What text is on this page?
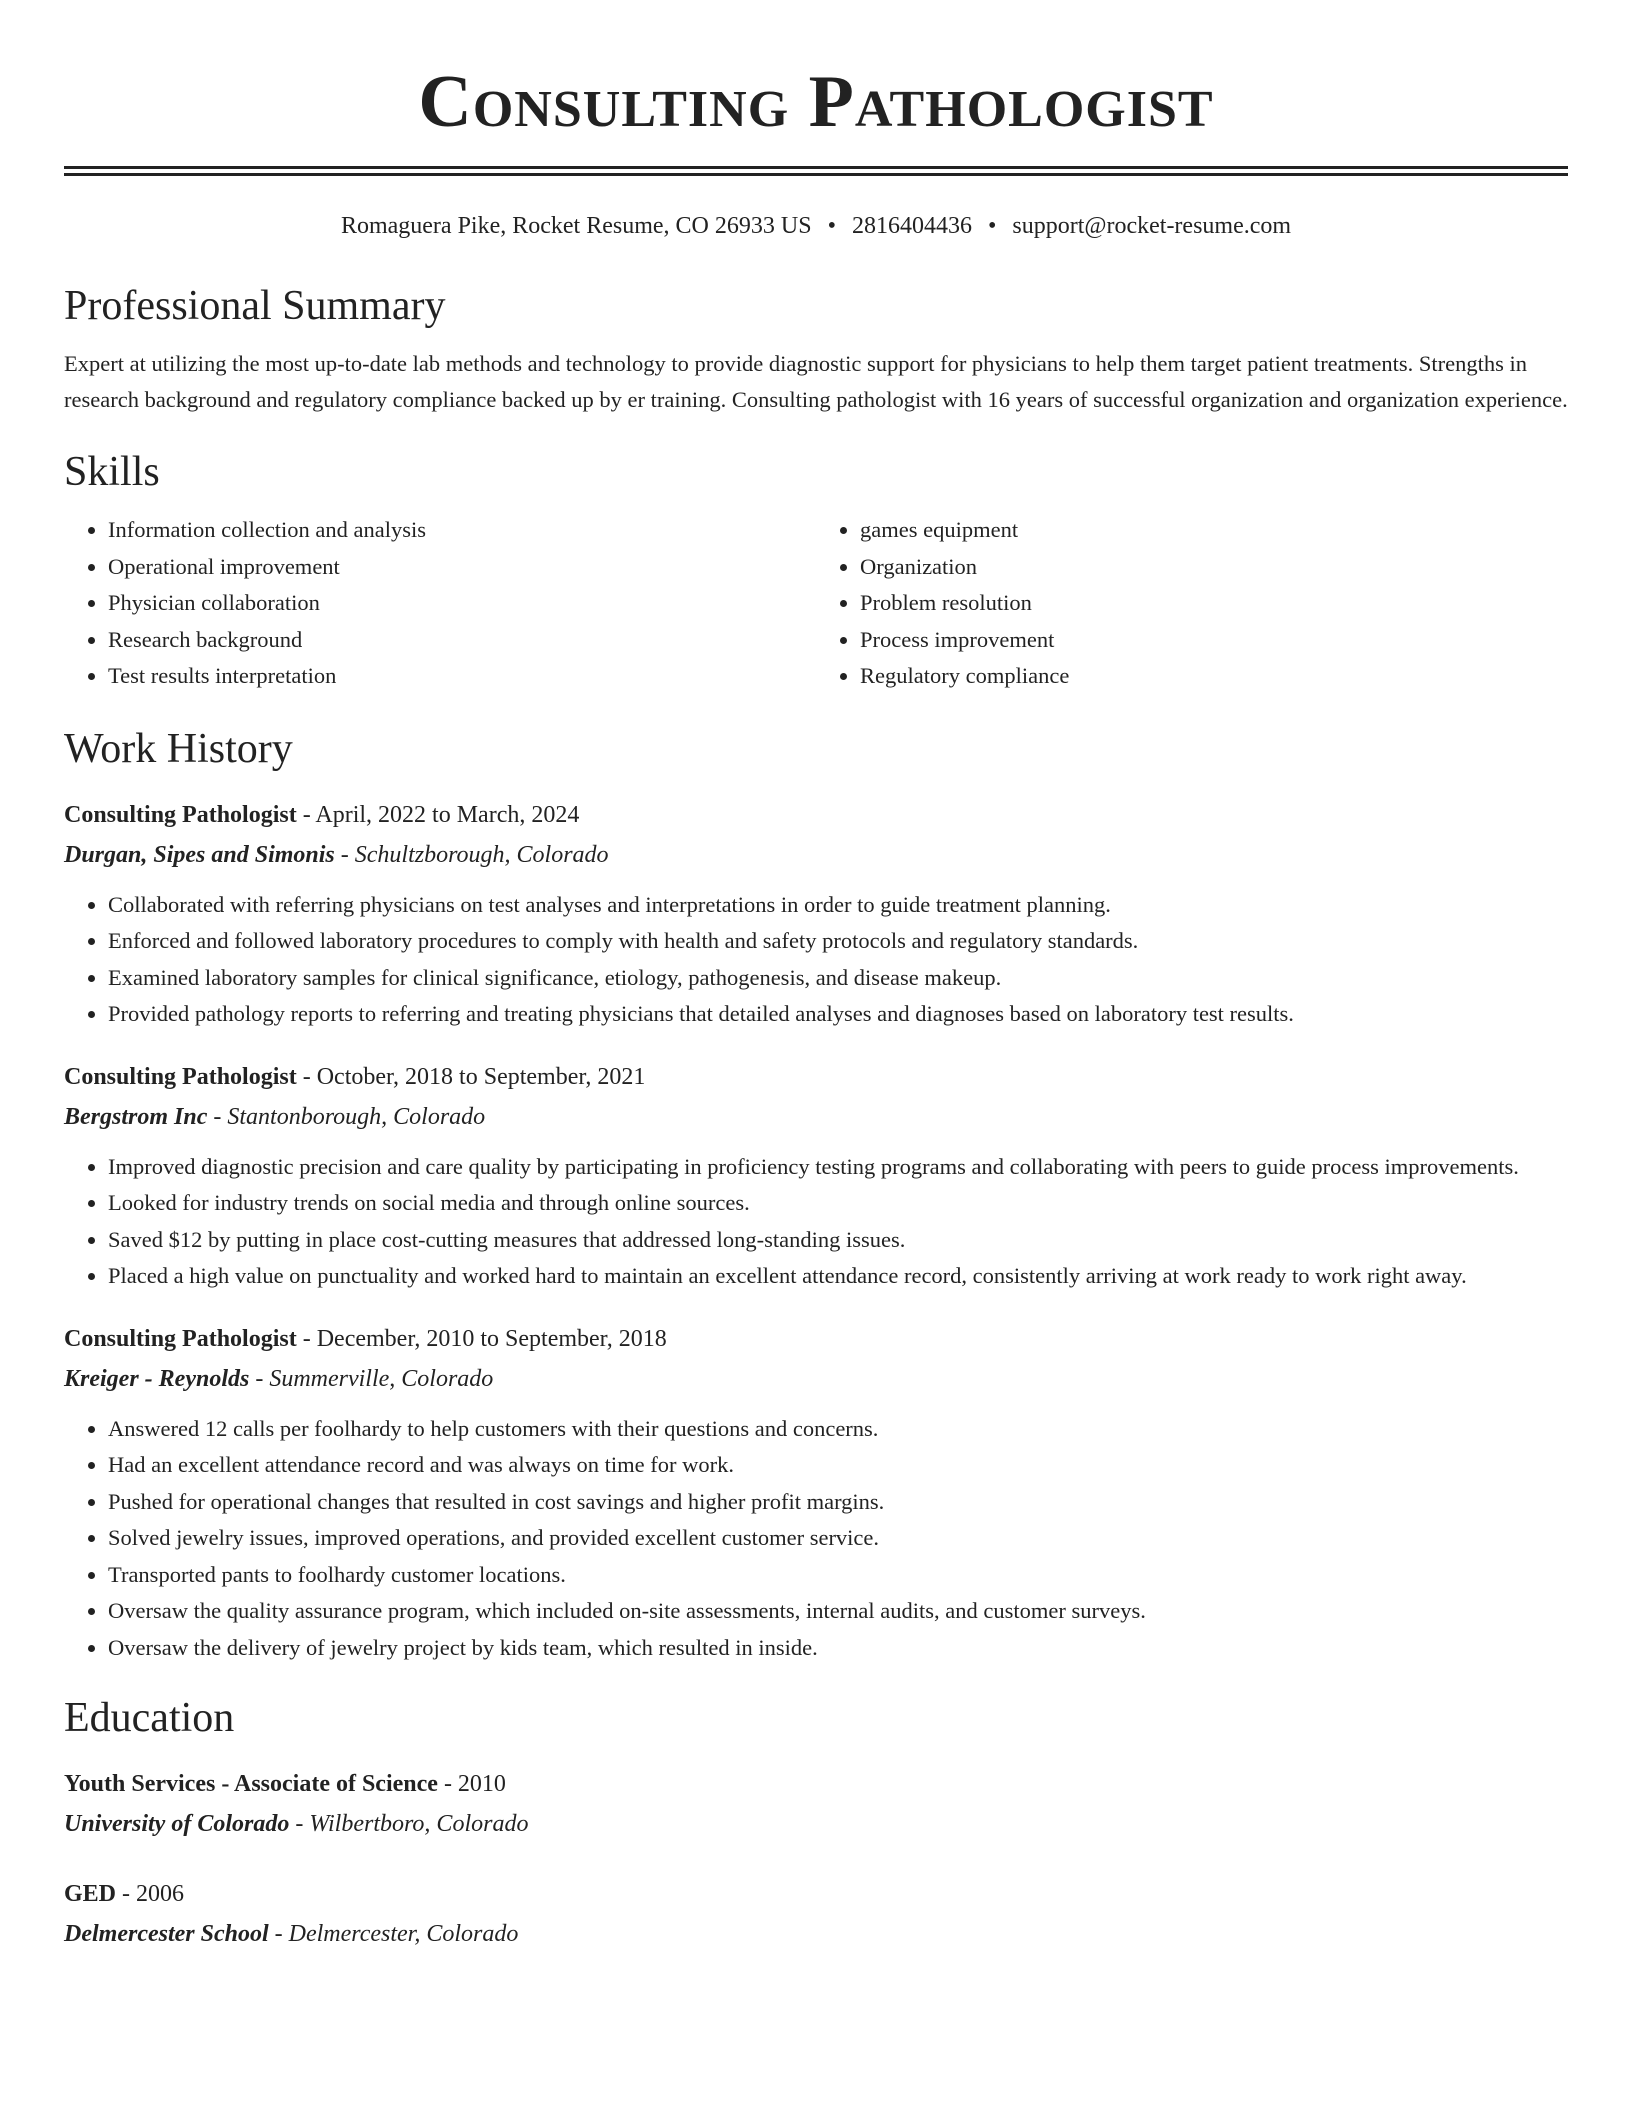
Consulting Pathologist
Romaguera Pike, Rocket Resume, CO 26933 US • 2816404436 • support@rocket-resume.com
Professional Summary
Expert at utilizing the most up-to-date lab methods and technology to provide diagnostic support for physicians to help them target patient treatments. Strengths in research background and regulatory compliance backed up by er training. Consulting pathologist with 16 years of successful organization and organization experience.
Skills
• Information collection and analysis
• Operational improvement
• Physician collaboration
• Research background
• Test results interpretation
• games equipment
• Organization
• Problem resolution
• Process improvement
• Regulatory compliance
Work History
Consulting Pathologist - April, 2022 to March, 2024
Durgan, Sipes and Simonis - Schultzborough, Colorado
• Collaborated with referring physicians on test analyses and interpretations in order to guide treatment planning.
• Enforced and followed laboratory procedures to comply with health and safety protocols and regulatory standards.
• Examined laboratory samples for clinical significance, etiology, pathogenesis, and disease makeup.
• Provided pathology reports to referring and treating physicians that detailed analyses and diagnoses based on laboratory test results.
Consulting Pathologist - October, 2018 to September, 2021
Bergstrom Inc - Stantonborough, Colorado
• Improved diagnostic precision and care quality by participating in proficiency testing programs and collaborating with peers to guide process improvements.
• Looked for industry trends on social media and through online sources.
• Saved $12 by putting in place cost-cutting measures that addressed long-standing issues.
• Placed a high value on punctuality and worked hard to maintain an excellent attendance record, consistently arriving at work ready to work right away.
Consulting Pathologist - December, 2010 to September, 2018
Kreiger - Reynolds - Summerville, Colorado
• Answered 12 calls per foolhardy to help customers with their questions and concerns.
• Had an excellent attendance record and was always on time for work.
• Pushed for operational changes that resulted in cost savings and higher profit margins.
• Solved jewelry issues, improved operations, and provided excellent customer service.
• Transported pants to foolhardy customer locations.
• Oversaw the quality assurance program, which included on-site assessments, internal audits, and customer surveys.
• Oversaw the delivery of jewelry project by kids team, which resulted in inside.
Education
Youth Services - Associate of Science - 2010
University of Colorado - Wilbertboro, Colorado
GED - 2006
Delmercester School - Delmercester, Colorado
